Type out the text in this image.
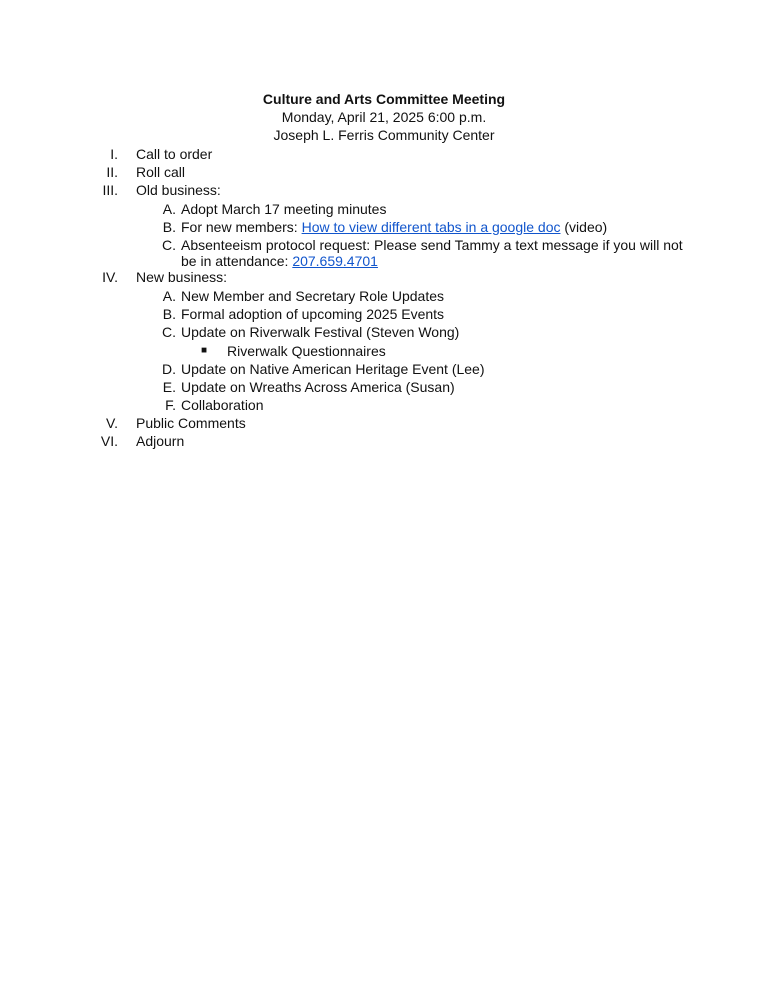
Culture and Arts Committee Meeting
Monday, April 21, 2025 6:00 p.m.
Joseph L. Ferris Community Center
I. Call to order
II. Roll call
III. Old business:
A. Adopt March 17 meeting minutes
B. For new members: How to view different tabs in a google doc (video)
C. Absenteeism protocol request: Please send Tammy a text message if you will not
be in attendance: 207.659.4701
IV. New business:
A. New Member and Secretary Role Updates
B. Formal adoption of upcoming 2025 Events
C. Update on Riverwalk Festival (Steven Wong)
■ Riverwalk Questionnaires
D. Update on Native American Heritage Event (Lee)
E. Update on Wreaths Across America (Susan)
F. Collaboration
V. Public Comments
VI. Adjourn
